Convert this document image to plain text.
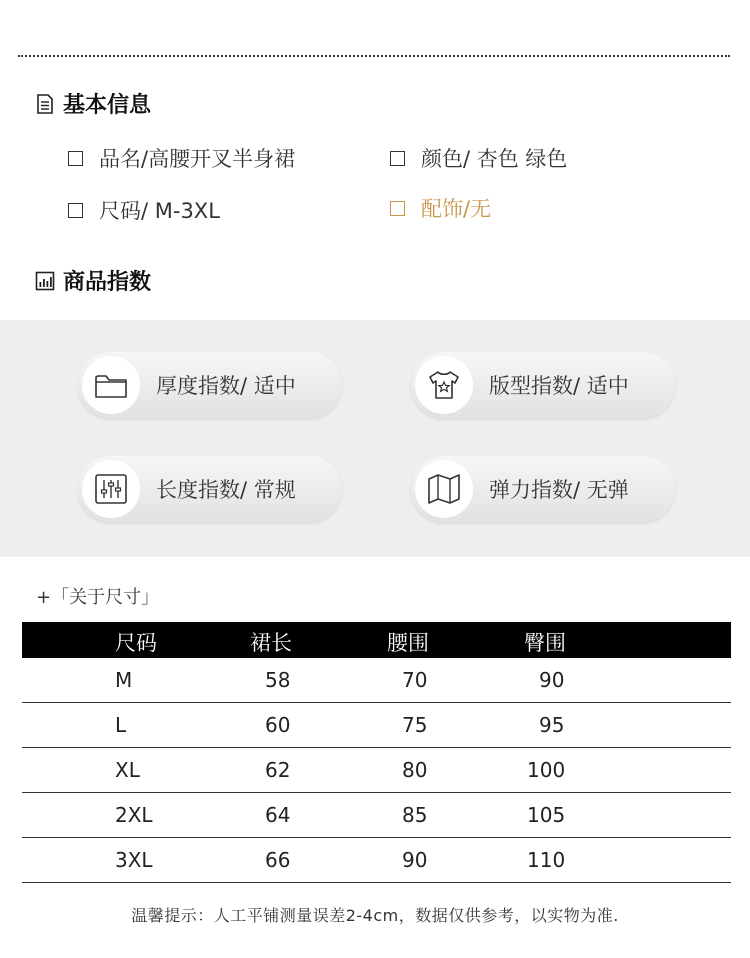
基本信息
品名/高腰开叉半身裙	颜色/ 杏色 绿色
尺码/ M-3XL	配饰/无
商品指数
厚度指数/ 适中	版型指数/ 适中
长度指数/ 常规	弹力指数/ 无弹
+「关于尺寸」
尺码	裙长	腰围	臀围
M	58	70	90
L	60	75	95
XL	62	80	100
2XL	64	85	105
3XL	66	90	110
温馨提示：人工平铺测量误差2-4cm，数据仅供参考，以实物为准.
